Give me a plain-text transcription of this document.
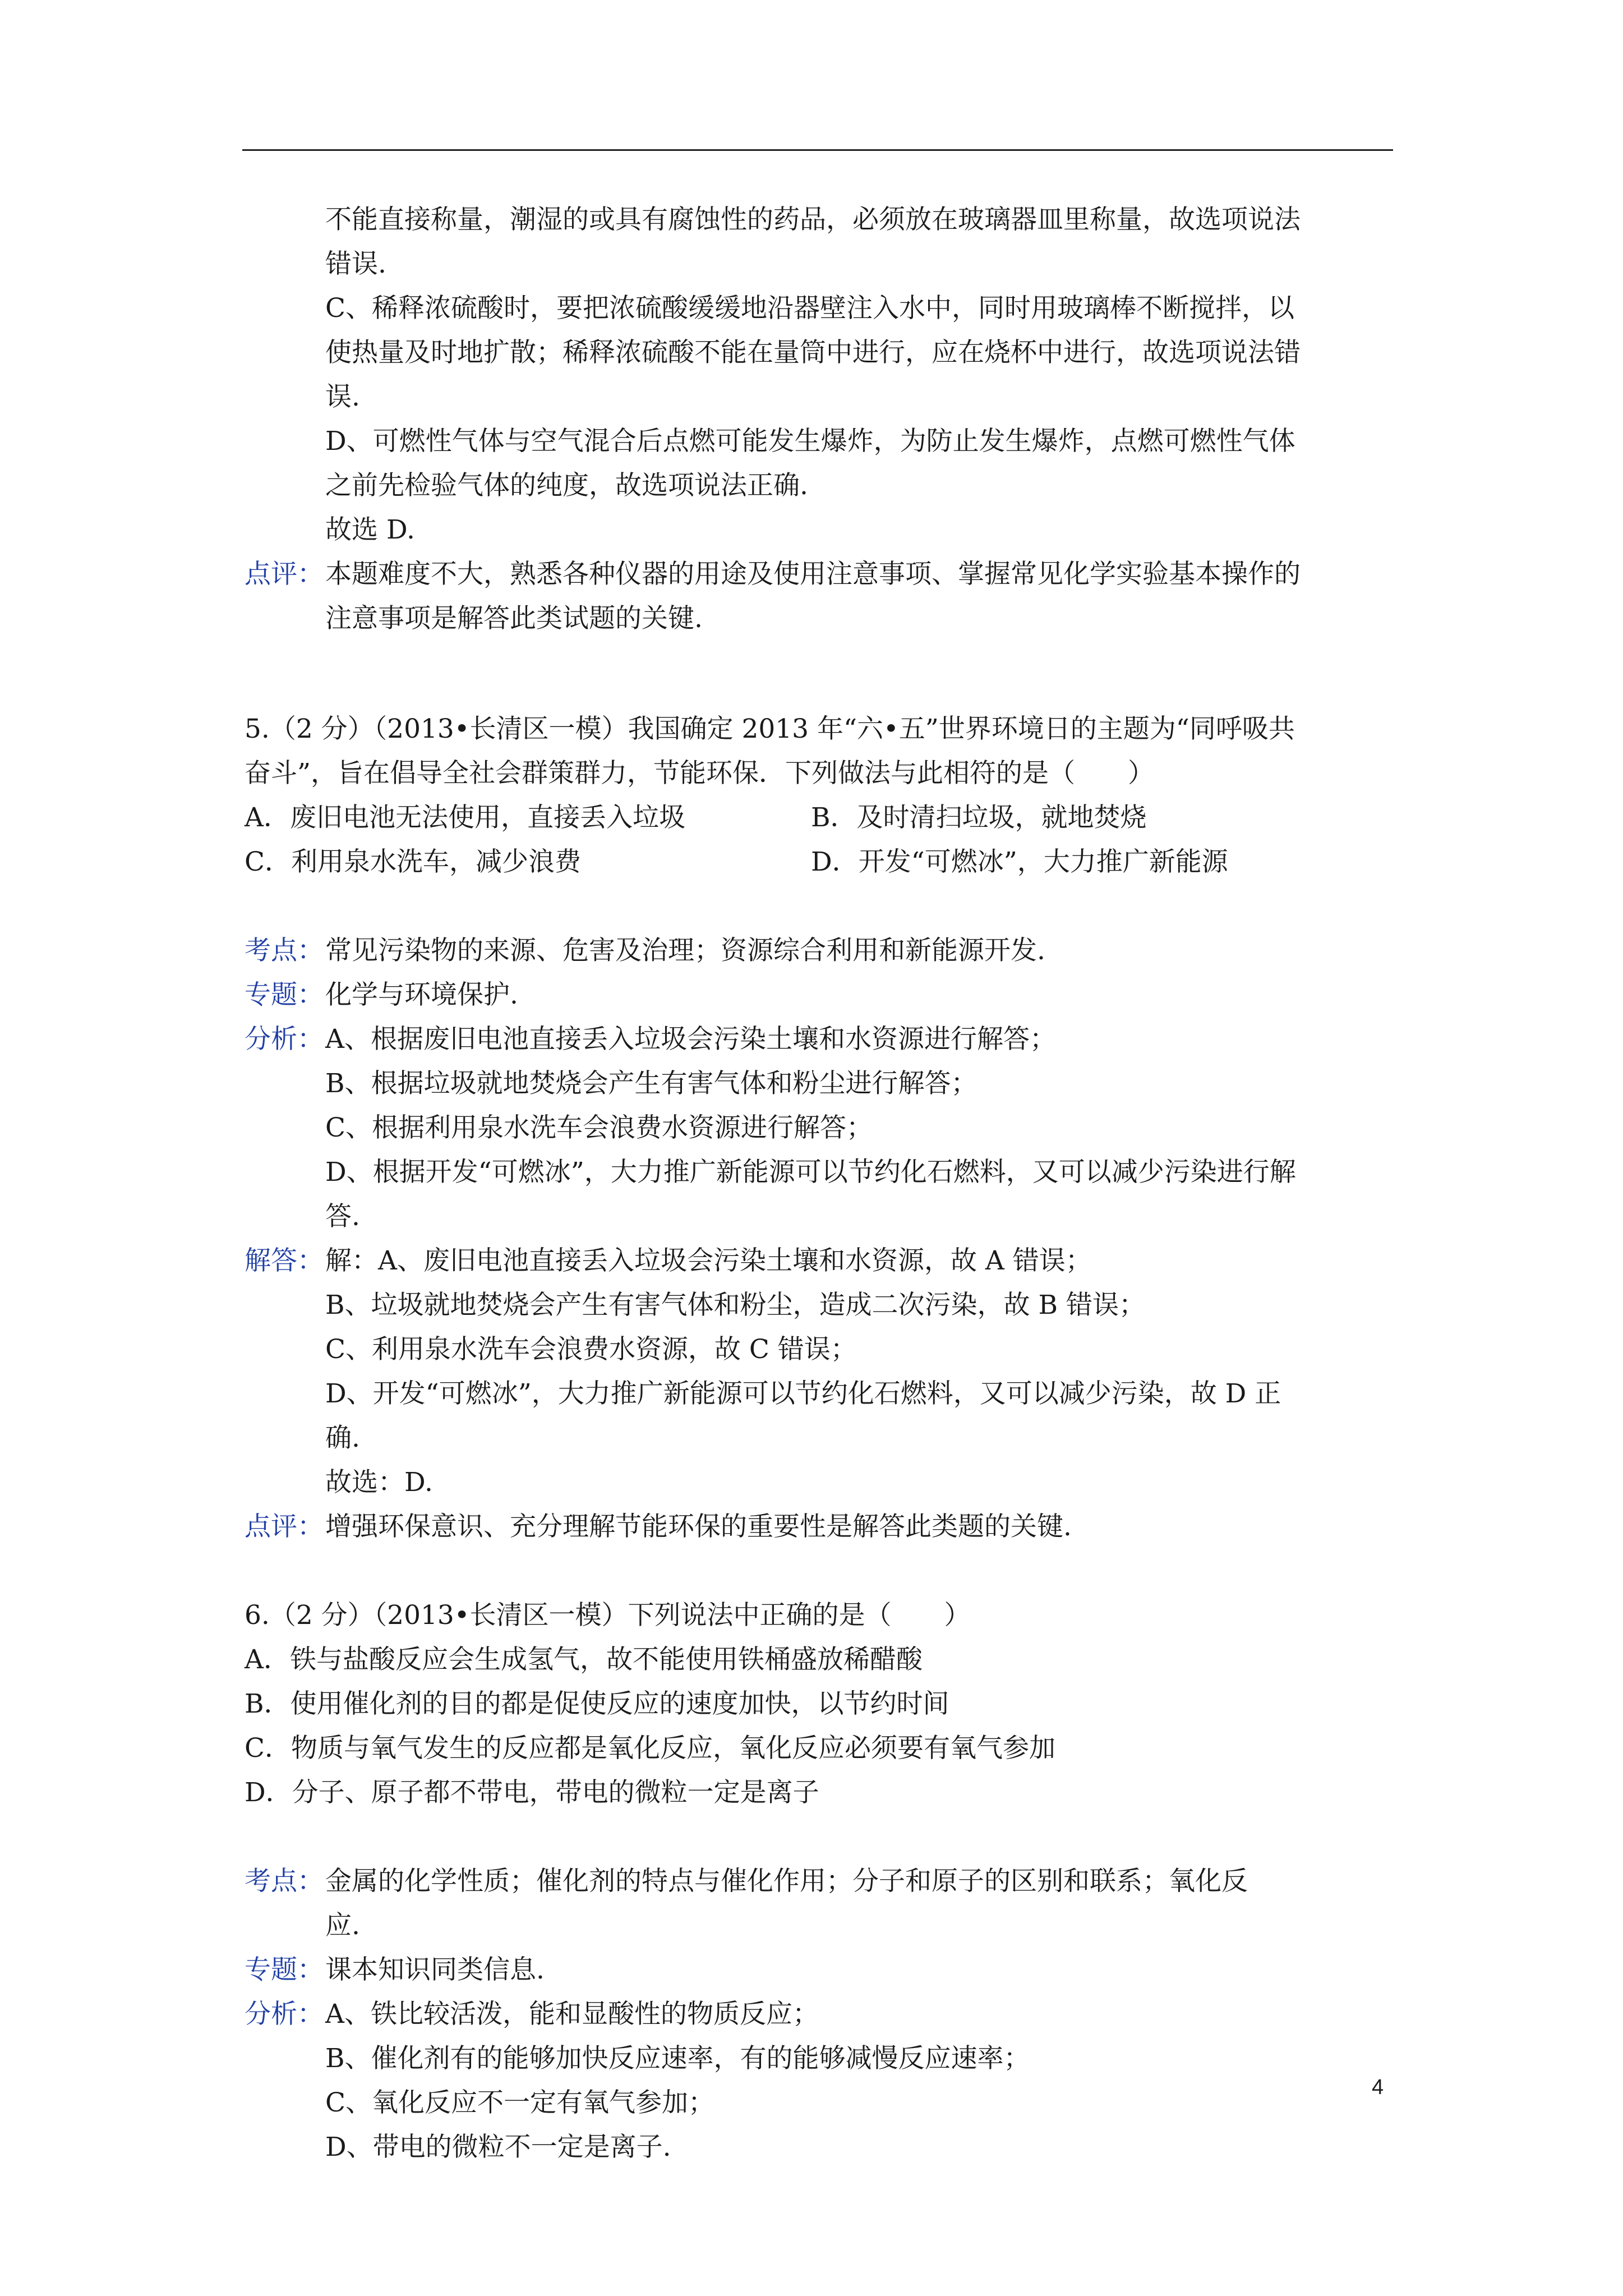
不能直接称量，潮湿的或具有腐蚀性的药品，必须放在玻璃器皿里称量，故选项说法
错误.
C、稀释浓硫酸时，要把浓硫酸缓缓地沿器壁注入水中，同时用玻璃棒不断搅拌，以
使热量及时地扩散；稀释浓硫酸不能在量筒中进行，应在烧杯中进行，故选项说法错
误.
D、可燃性气体与空气混合后点燃可能发生爆炸，为防止发生爆炸，点燃可燃性气体
之前先检验气体的纯度，故选项说法正确.
故选 D.
点评： 本题难度不大，熟悉各种仪器的用途及使用注意事项、掌握常见化学实验基本操作的
注意事项是解答此类试题的关键.
5.（2 分）（2013•长清区一模）我国确定 2013 年“六•五”世界环境日的主题为“同呼吸共
奋斗”，旨在倡导全社会群策群力，节能环保．下列做法与此相符的是（　　）
A．废旧电池无法使用，直接丢入垃圾	B．及时清扫垃圾，就地焚烧
C．利用泉水洗车，减少浪费	D．开发“可燃冰”，大力推广新能源
考点： 常见污染物的来源、危害及治理；资源综合利用和新能源开发.
专题： 化学与环境保护.
分析： A、根据废旧电池直接丢入垃圾会污染土壤和水资源进行解答；
B、根据垃圾就地焚烧会产生有害气体和粉尘进行解答；
C、根据利用泉水洗车会浪费水资源进行解答；
D、根据开发“可燃冰”，大力推广新能源可以节约化石燃料，又可以减少污染进行解
答.
解答： 解：A、废旧电池直接丢入垃圾会污染土壤和水资源，故 A 错误；
B、垃圾就地焚烧会产生有害气体和粉尘，造成二次污染，故 B 错误；
C、利用泉水洗车会浪费水资源，故 C 错误；
D、开发“可燃冰”，大力推广新能源可以节约化石燃料，又可以减少污染，故 D 正
确.
故选：D.
点评： 增强环保意识、充分理解节能环保的重要性是解答此类题的关键.
6.（2 分）（2013•长清区一模）下列说法中正确的是（　　）
A．铁与盐酸反应会生成氢气，故不能使用铁桶盛放稀醋酸
B．使用催化剂的目的都是促使反应的速度加快，以节约时间
C．物质与氧气发生的反应都是氧化反应，氧化反应必须要有氧气参加
D．分子、原子都不带电，带电的微粒一定是离子
考点： 金属的化学性质；催化剂的特点与催化作用；分子和原子的区别和联系；氧化反
应.
专题： 课本知识同类信息.
分析： A、铁比较活泼，能和显酸性的物质反应；
B、催化剂有的能够加快反应速率，有的能够减慢反应速率；
C、氧化反应不一定有氧气参加；
D、带电的微粒不一定是离子.
4
